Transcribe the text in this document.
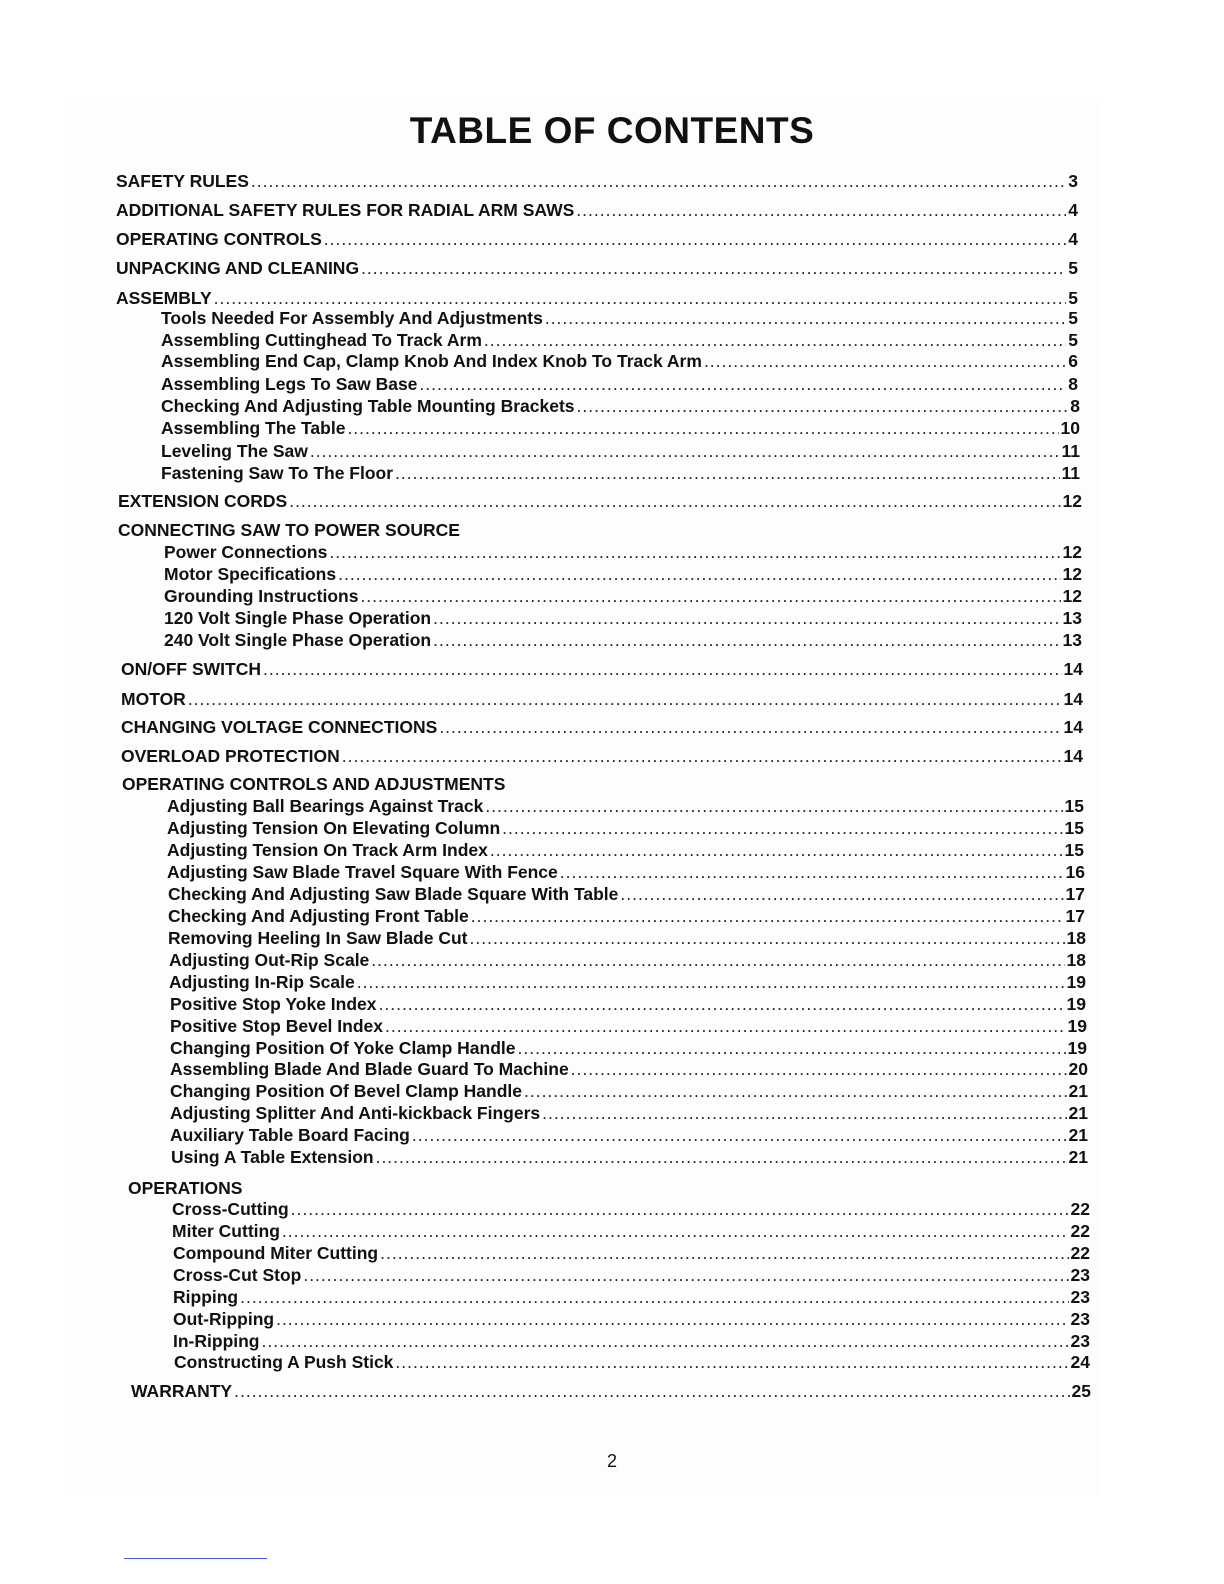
TABLE OF CONTENTS
SAFETY RULES .....	3
ADDITIONAL SAFETY RULES FOR RADIAL ARM SAWS .....	4
OPERATING CONTROLS .....	4
UNPACKING AND CLEANING .....	5
ASSEMBLY .....	5
Tools Needed For Assembly And Adjustments .....	5
Assembling Cuttinghead To Track Arm .....	5
Assembling End Cap, Clamp Knob And Index Knob To Track Arm .....	6
Assembling Legs To Saw Base .....	8
Checking And Adjusting Table Mounting Brackets .....	8
Assembling The Table .....	10
Leveling The Saw .....	11
Fastening Saw To The Floor .....	11
EXTENSION CORDS .....	12
CONNECTING SAW TO POWER SOURCE
Power Connections .....	12
Motor Specifications .....	12
Grounding Instructions .....	12
120 Volt Single Phase Operation .....	13
240 Volt Single Phase Operation .....	13
ON/OFF SWITCH .....	14
MOTOR .....	14
CHANGING VOLTAGE CONNECTIONS .....	14
OVERLOAD PROTECTION .....	14
OPERATING CONTROLS AND ADJUSTMENTS
Adjusting Ball Bearings Against Track .....	15
Adjusting Tension On Elevating Column .....	15
Adjusting Tension On Track Arm Index .....	15
Adjusting Saw Blade Travel Square With Fence .....	16
Checking And Adjusting Saw Blade Square With Table .....	17
Checking And Adjusting Front Table .....	17
Removing Heeling In Saw Blade Cut .....	18
Adjusting Out-Rip Scale .....	18
Adjusting In-Rip Scale .....	19
Positive Stop Yoke Index .....	19
Positive Stop Bevel Index .....	19
Changing Position Of Yoke Clamp Handle .....	19
Assembling Blade And Blade Guard To Machine .....	20
Changing Position Of Bevel Clamp Handle .....	21
Adjusting Splitter And Anti-kickback Fingers .....	21
Auxiliary Table Board Facing .....	21
Using A Table Extension .....	21
OPERATIONS
Cross-Cutting .....	22
Miter Cutting .....	22
Compound Miter Cutting .....	22
Cross-Cut Stop .....	23
Ripping .....	23
Out-Ripping .....	23
In-Ripping .....	23
Constructing A Push Stick .....	24
WARRANTY .....	25
2
